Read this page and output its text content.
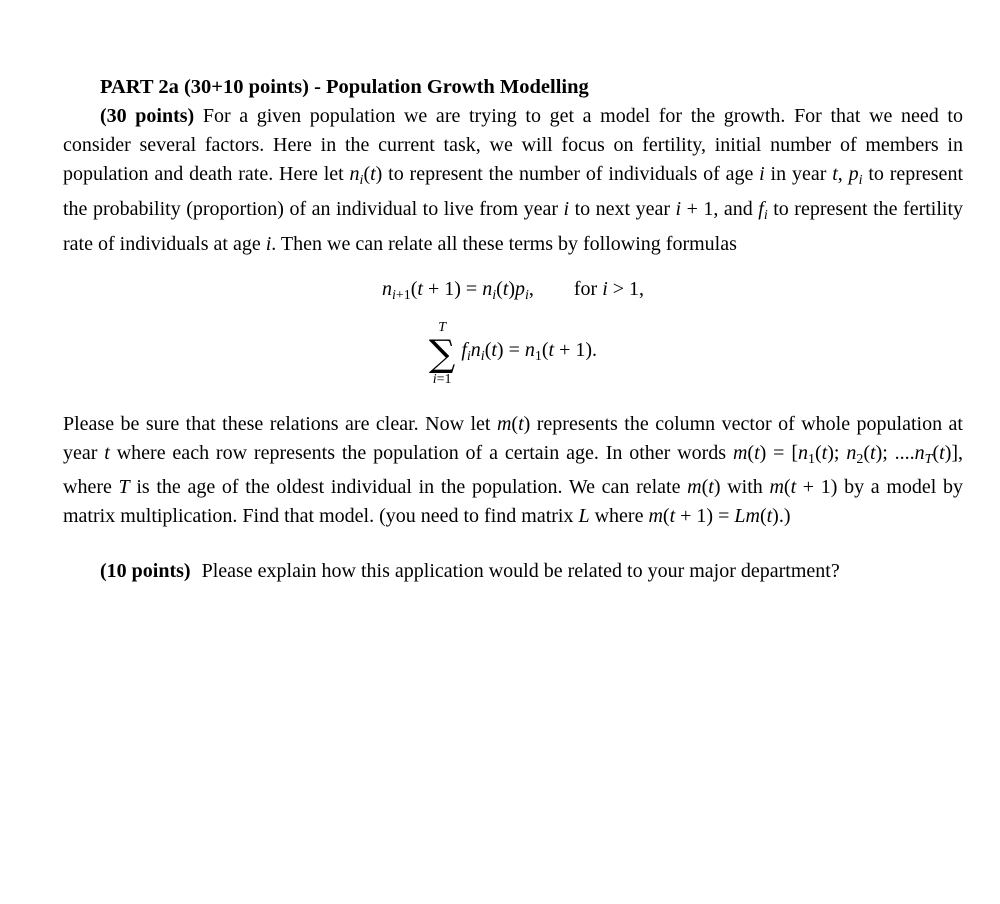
PART 2a (30+10 points) - Population Growth Modelling

(30 points) For a given population we are trying to get a model for the growth. For that we need to consider several factors. Here in the current task, we will focus on fertility, initial number of members in population and death rate. Here let ni(t) to represent the number of individuals of age i in year t, pi to represent the probability (proportion) of an individual to live from year i to next year i + 1, and fi to represent the fertility rate of individuals at age i. Then we can relate all these terms by following formulas

$ni_{+1}(t + 1) = ni(t)pi$, for i > 1,
T
∑
i=1
fini(t) = $n_1(t + 1)$.

Please be sure that these relations are clear. Now let m(t) represents the column vector of whole population at year t where each row represents the population of a certain age. In other words $m(t) = [n_1(t)$; $n_2(t)$; ....nT(t)], where T is the age of the oldest individual in the population. We can relate m(t) with m(t + 1) by a model by matrix multiplication. Find that model. (you need to find matrix L where m(t + 1) = Lm(t).)

(10 points) Please explain how this application would be related to your major department?
